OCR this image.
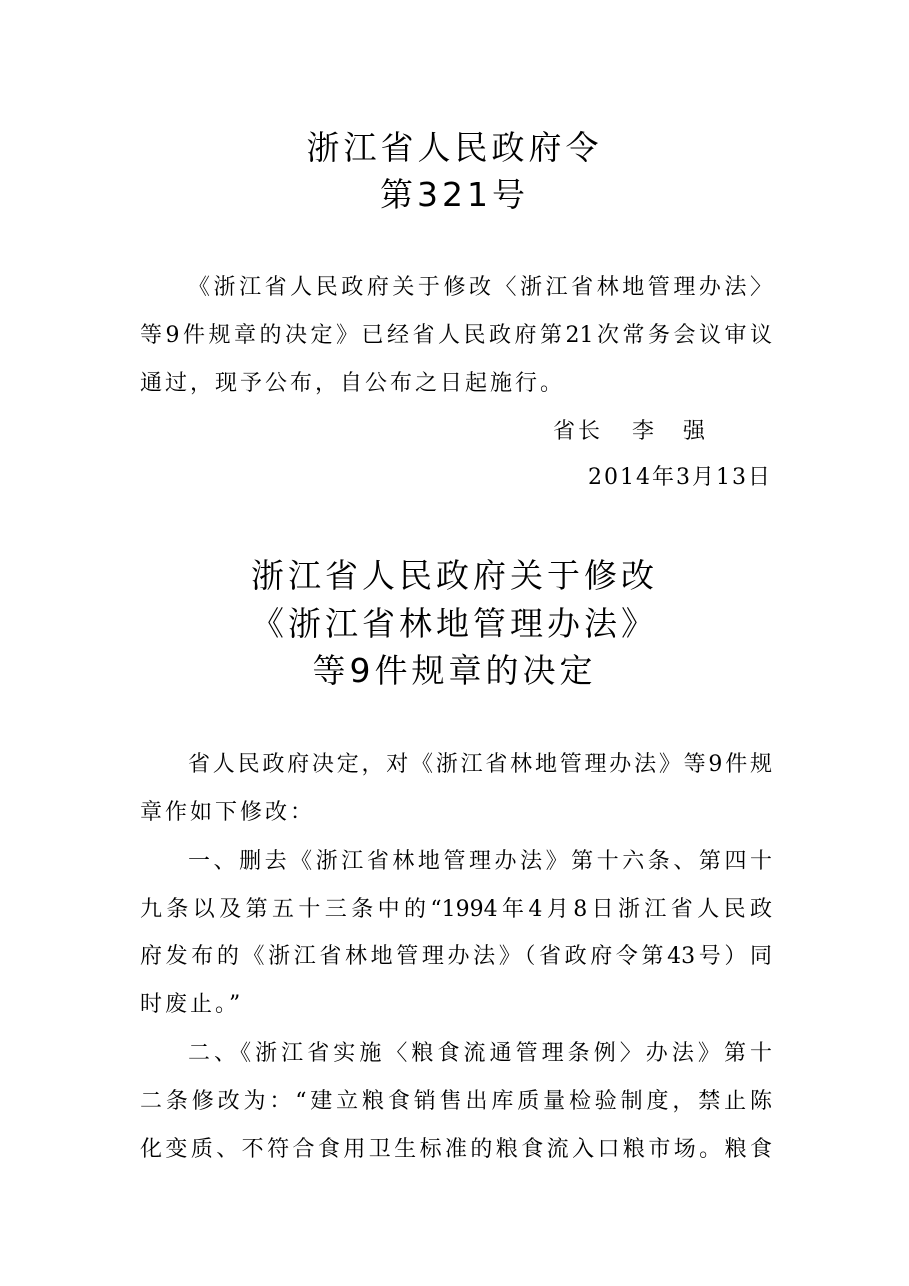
浙江省人民政府令
第321号
《浙江省人民政府关于修改〈浙江省林地管理办法〉
等9件规章的决定》已经省人民政府第21次常务会议审议
通过，现予公布，自公布之日起施行。
省长 李 强
2014年3月13日
浙江省人民政府关于修改
《浙江省林地管理办法》
等9件规章的决定
省人民政府决定，对《浙江省林地管理办法》等9件规
章作如下修改：
一、删去《浙江省林地管理办法》第十六条、第四十
九条以及第五十三条中的“1994年4月8日浙江省人民政
府发布的《浙江省林地管理办法》（省政府令第43号）同
时废止。”
二、《浙江省实施〈粮食流通管理条例〉办法》第十
二条修改为：“建立粮食销售出库质量检验制度，禁止陈
化变质、不符合食用卫生标准的粮食流入口粮市场。粮食
